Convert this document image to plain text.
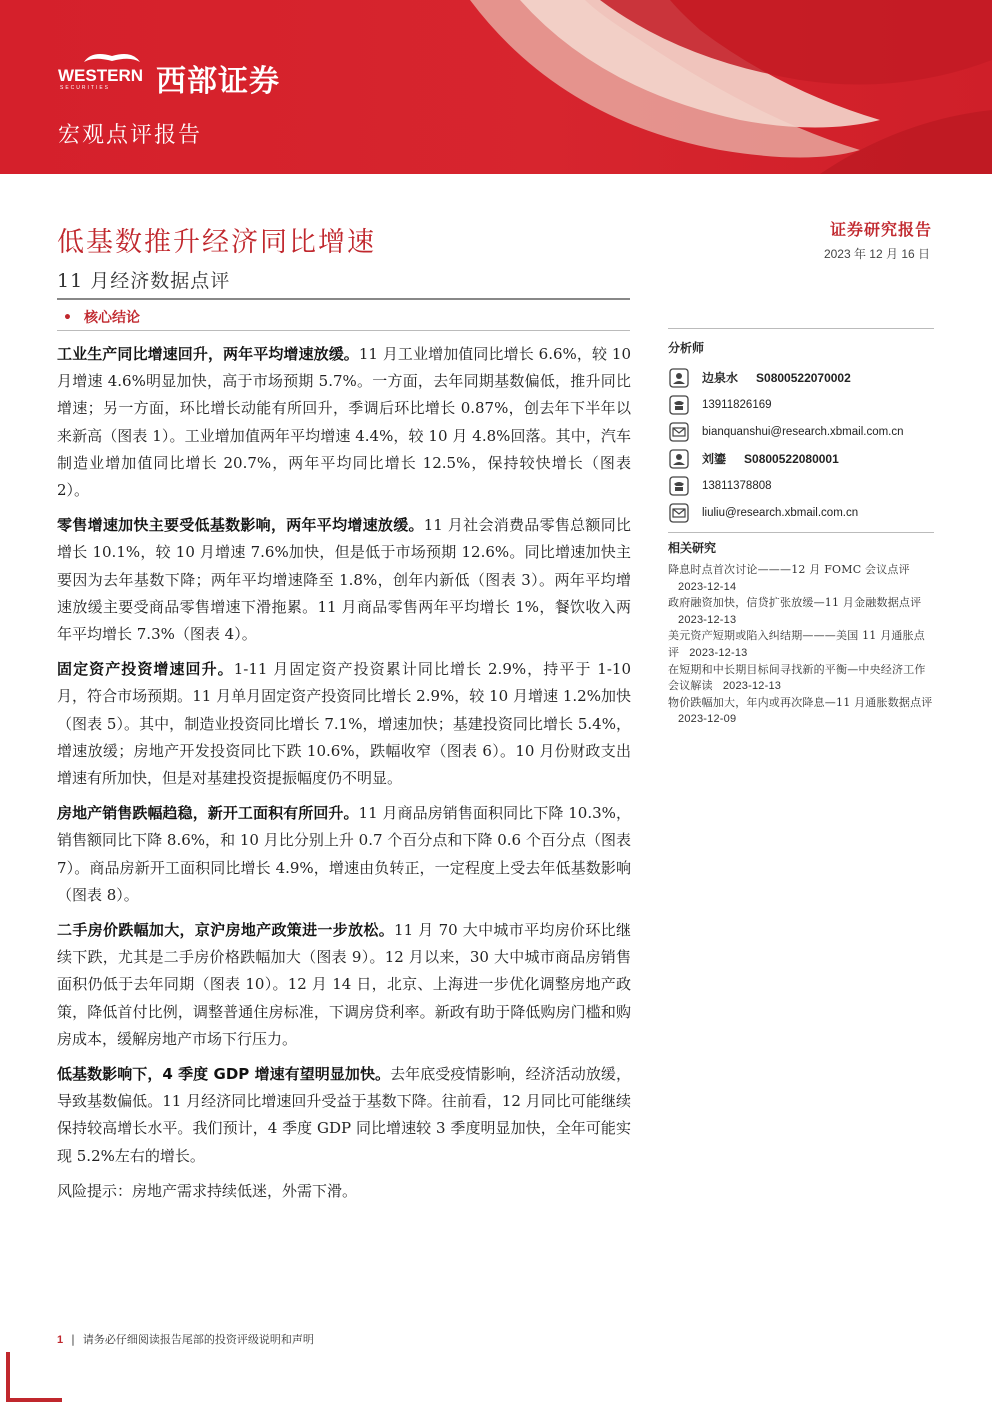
WESTERN
SECURITIES 西部证券
宏观点评报告
低基数推升经济同比增速
11 月经济数据点评
证券研究报告
2023 年 12 月 16 日
• 核心结论

工业生产同比增速回升，两年平均增速放缓。11 月工业增加值同比增长 6.6%，较 10 月增速 4.6%明显加快，高于市场预期 5.7%。一方面，去年同期基数偏低，推升同比增速；另一方面，环比增长动能有所回升，季调后环比增长 0.87%，创去年下半年以来新高（图表 1）。工业增加值两年平均增速 4.4%，较 10 月 4.8%回落。其中，汽车制造业增加值同比增长 20.7%，两年平均同比增长 12.5%，保持较快增长（图表 2）。

零售增速加快主要受低基数影响，两年平均增速放缓。11 月社会消费品零售总额同比增长 10.1%，较 10 月增速 7.6%加快，但是低于市场预期 12.6%。同比增速加快主要因为去年基数下降；两年平均增速降至 1.8%，创年内新低（图表 3）。两年平均增速放缓主要受商品零售增速下滑拖累。11 月商品零售两年平均增长 1%，餐饮收入两年平均增长 7.3%（图表 4）。

固定资产投资增速回升。1-11 月固定资产投资累计同比增长 2.9%，持平于 1-10 月，符合市场预期。11 月单月固定资产投资同比增长 2.9%，较 10 月增速 1.2%加快（图表 5）。其中，制造业投资同比增长 7.1%，增速加快；基建投资同比增长 5.4%，增速放缓；房地产开发投资同比下跌 10.6%，跌幅收窄（图表 6）。10 月份财政支出增速有所加快，但是对基建投资提振幅度仍不明显。

房地产销售跌幅趋稳，新开工面积有所回升。11 月商品房销售面积同比下降 10.3%，销售额同比下降 8.6%，和 10 月比分别上升 0.7 个百分点和下降 0.6 个百分点（图表 7）。商品房新开工面积同比增长 4.9%，增速由负转正，一定程度上受去年低基数影响（图表 8）。

二手房价跌幅加大，京沪房地产政策进一步放松。11 月 70 大中城市平均房价环比继续下跌，尤其是二手房价格跌幅加大（图表 9）。12 月以来，30 大中城市商品房销售面积仍低于去年同期（图表 10）。12 月 14 日，北京、上海进一步优化调整房地产政策，降低首付比例，调整普通住房标准，下调房贷利率。新政有助于降低购房门槛和购房成本，缓解房地产市场下行压力。

低基数影响下，4 季度 GDP 增速有望明显加快。去年底受疫情影响，经济活动放缓，导致基数偏低。11 月经济同比增速回升受益于基数下降。往前看，12 月同比可能继续保持较高增长水平。我们预计，4 季度 GDP 同比增速较 3 季度明显加快，全年可能实现 5.2%左右的增长。

风险提示：房地产需求持续低迷，外需下滑。

分析师
边泉水 S0800522070002
13911826169
bianquanshui@research.xbmail.com.cn
刘鎏 S0800522080001
13811378808
liuliu@research.xbmail.com.cn
相关研究
降息时点首次讨论———12 月 FOMC 会议点评2023-12-14
政府融资加快，信贷扩张放缓—11 月金融数据点评2023-12-13
美元资产短期或陷入纠结期———美国 11 月通胀点评 2023-12-13
在短期和中长期目标间寻找新的平衡—中央经济工作会议解读 2023-12-13
物价跌幅加大，年内或再次降息—11 月通胀数据点评2023-12-09
1 | 请务必仔细阅读报告尾部的投资评级说明和声明
